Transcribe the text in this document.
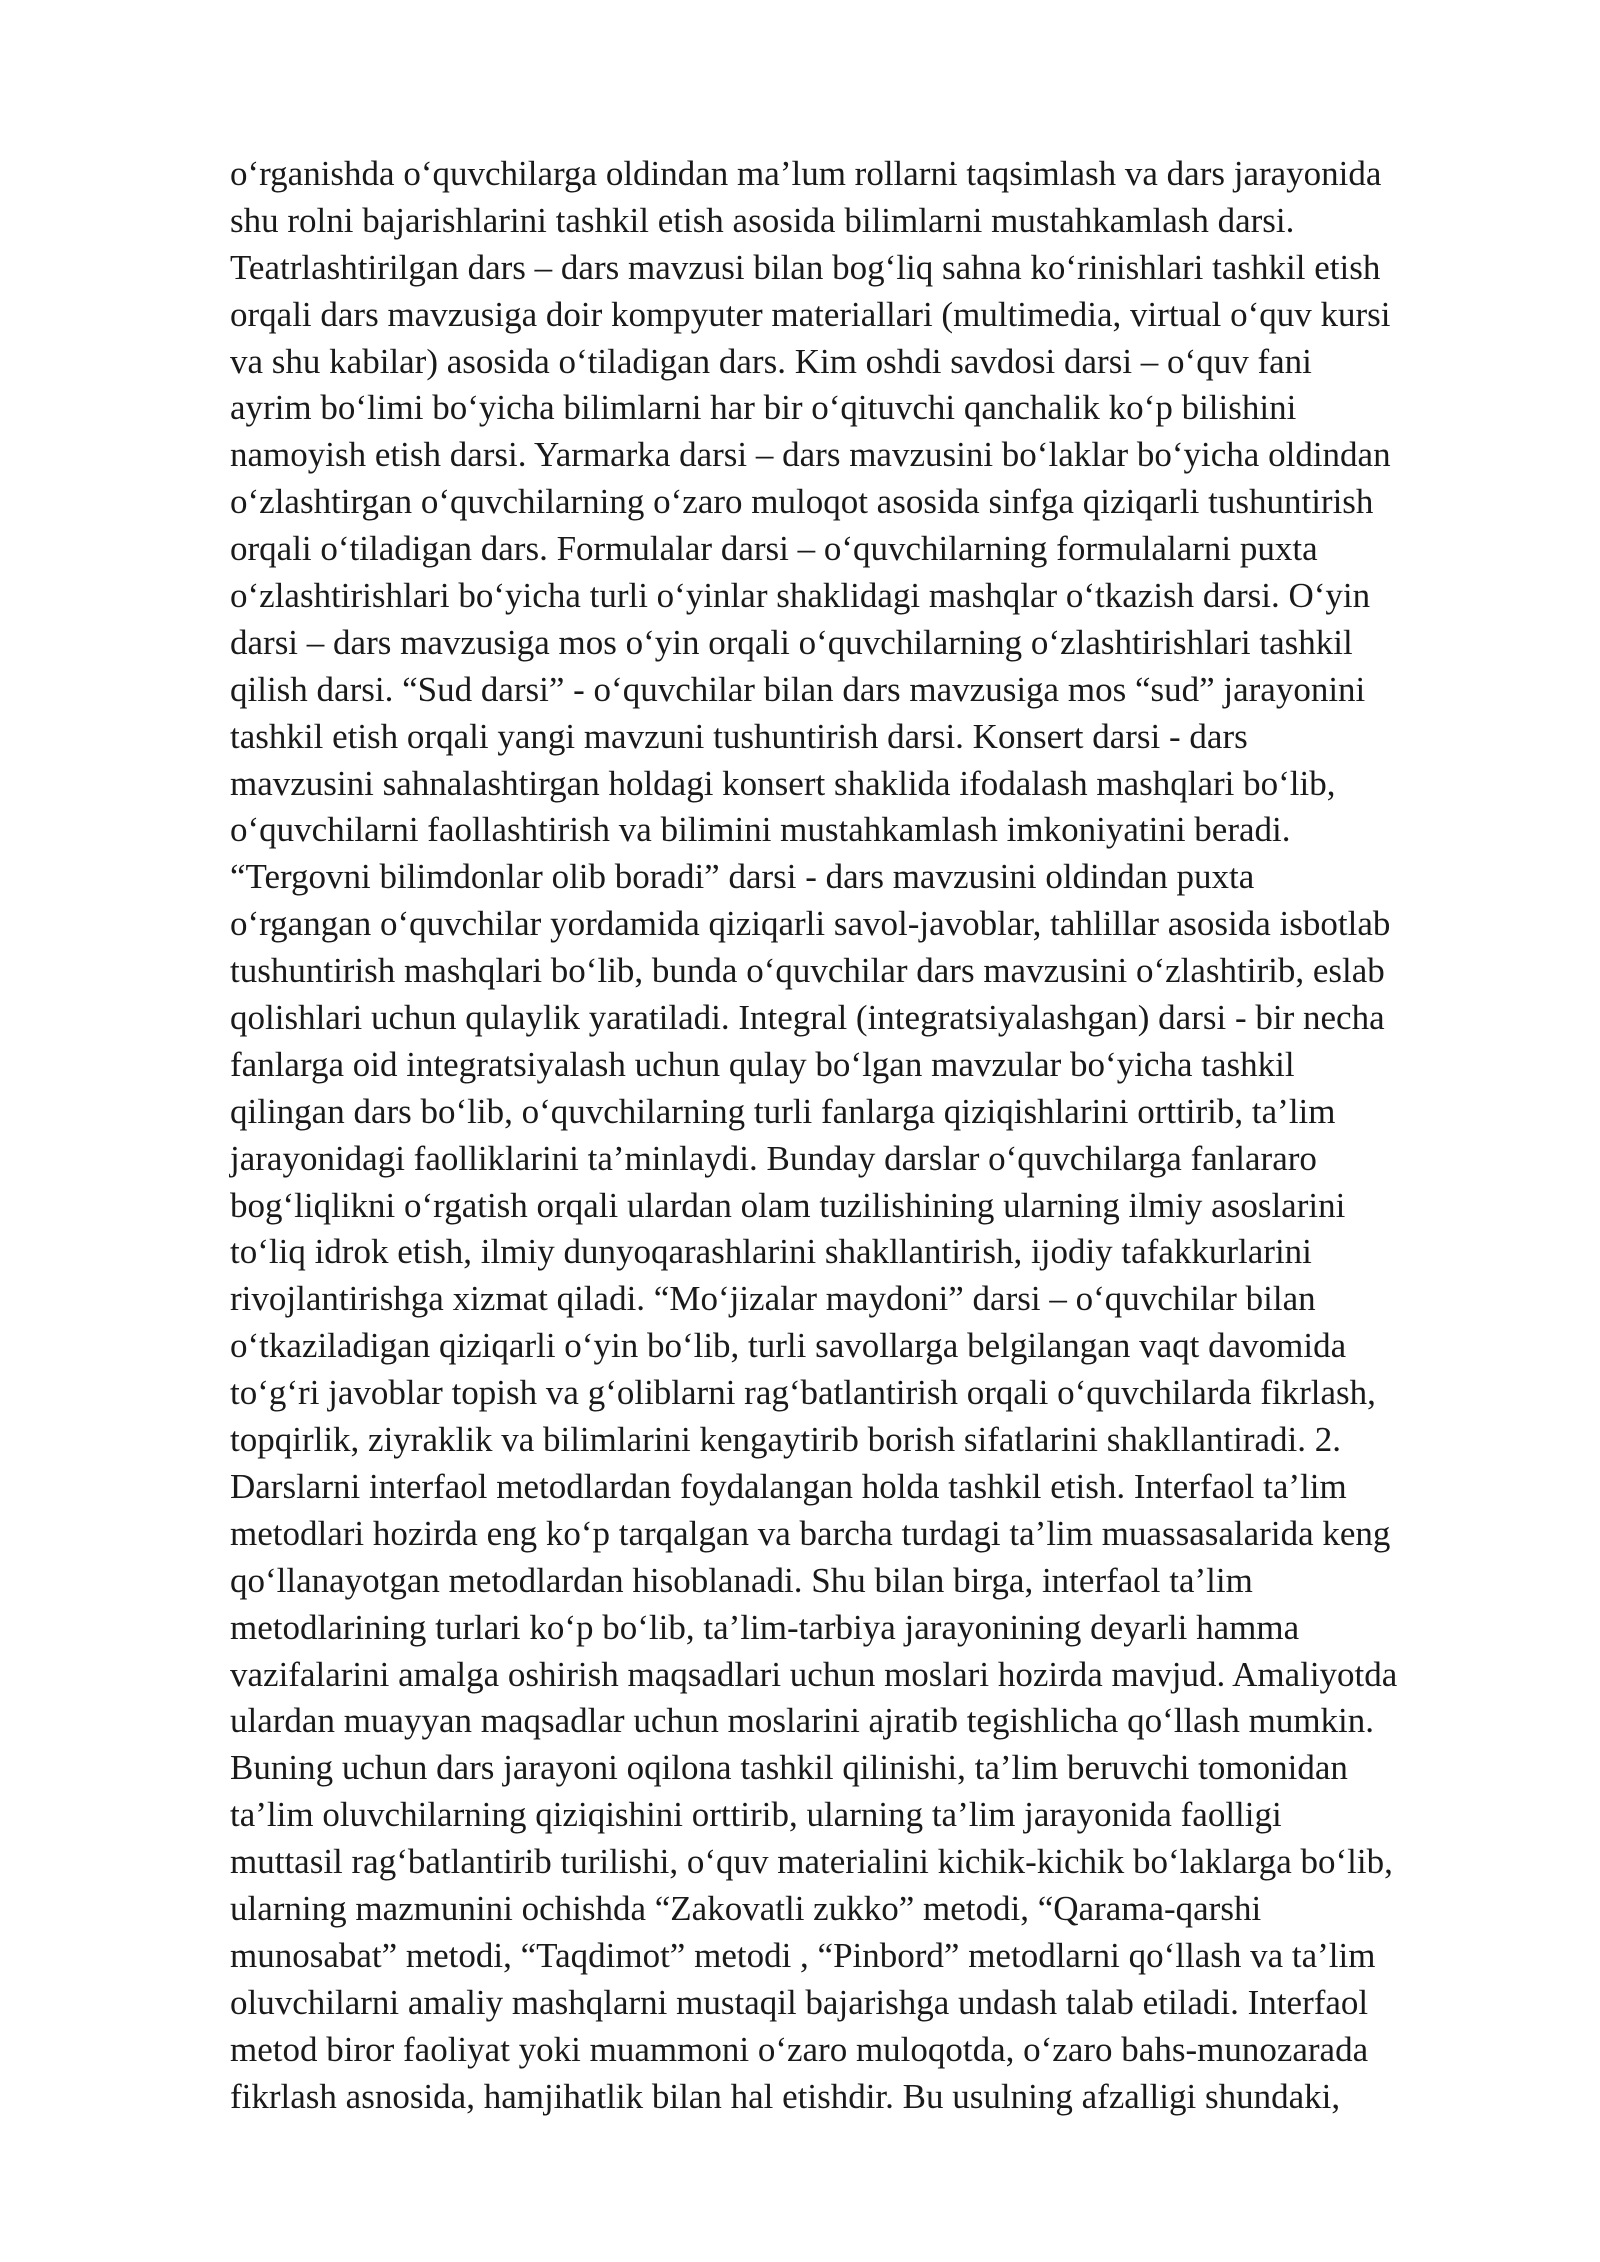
o‘rganishda o‘quvchilarga oldindan ma’lum rollarni taqsimlash va dars jarayonida
shu rolni bajarishlarini tashkil etish asosida bilimlarni mustahkamlash darsi.
Teatrlashtirilgan dars – dars mavzusi bilan bog‘liq sahna ko‘rinishlari tashkil etish
orqali dars mavzusiga doir kompyuter materiallari (multimedia, virtual o‘quv kursi
va shu kabilar) asosida o‘tiladigan dars. Kim oshdi savdosi darsi – o‘quv fani
ayrim bo‘limi bo‘yicha bilimlarni har bir o‘qituvchi qanchalik ko‘p bilishini
namoyish etish darsi. Yarmarka darsi – dars mavzusini bo‘laklar bo‘yicha oldindan
o‘zlashtirgan o‘quvchilarning o‘zaro muloqot asosida sinfga qiziqarli tushuntirish
orqali o‘tiladigan dars. Formulalar darsi – o‘quvchilarning formulalarni puxta
o‘zlashtirishlari bo‘yicha turli o‘yinlar shaklidagi mashqlar o‘tkazish darsi. O‘yin
darsi – dars mavzusiga mos o‘yin orqali o‘quvchilarning o‘zlashtirishlari tashkil
qilish darsi. “Sud darsi” - o‘quvchilar bilan dars mavzusiga mos “sud” jarayonini
tashkil etish orqali yangi mavzuni tushuntirish darsi. Konsert darsi - dars
mavzusini sahnalashtirgan holdagi konsert shaklida ifodalash mashqlari bo‘lib,
o‘quvchilarni faollashtirish va bilimini mustahkamlash imkoniyatini beradi.
“Tergovni bilimdonlar olib boradi” darsi - dars mavzusini oldindan puxta
o‘rgangan o‘quvchilar yordamida qiziqarli savol-javoblar, tahlillar asosida isbotlab
tushuntirish mashqlari bo‘lib, bunda o‘quvchilar dars mavzusini o‘zlashtirib, eslab
qolishlari uchun qulaylik yaratiladi. Integral (integratsiyalashgan) darsi - bir necha
fanlarga oid integratsiyalash uchun qulay bo‘lgan mavzular bo‘yicha tashkil
qilingan dars bo‘lib, o‘quvchilarning turli fanlarga qiziqishlarini orttirib, ta’lim
jarayonidagi faolliklarini ta’minlaydi. Bunday darslar o‘quvchilarga fanlararo
bog‘liqlikni o‘rgatish orqali ulardan olam tuzilishining ularning ilmiy asoslarini
to‘liq idrok etish, ilmiy dunyoqarashlarini shakllantirish, ijodiy tafakkurlarini
rivojlantirishga xizmat qiladi. “Mo‘jizalar maydoni” darsi – o‘quvchilar bilan
o‘tkaziladigan qiziqarli o‘yin bo‘lib, turli savollarga belgilangan vaqt davomida
to‘g‘ri javoblar topish va g‘oliblarni rag‘batlantirish orqali o‘quvchilarda fikrlash,
topqirlik, ziyraklik va bilimlarini kengaytirib borish sifatlarini shakllantiradi. 2.
Darslarni interfaol metodlardan foydalangan holda tashkil etish. Interfaol ta’lim
metodlari hozirda eng ko‘p tarqalgan va barcha turdagi ta’lim muassasalarida keng
qo‘llanayotgan metodlardan hisoblanadi. Shu bilan birga, interfaol ta’lim
metodlarining turlari ko‘p bo‘lib, ta’lim-tarbiya jarayonining deyarli hamma
vazifalarini amalga oshirish maqsadlari uchun moslari hozirda mavjud. Amaliyotda
ulardan muayyan maqsadlar uchun moslarini ajratib tegishlicha qo‘llash mumkin.
Buning uchun dars jarayoni oqilona tashkil qilinishi, ta’lim beruvchi tomonidan
ta’lim oluvchilarning qiziqishini orttirib, ularning ta’lim jarayonida faolligi
muttasil rag‘batlantirib turilishi, o‘quv materialini kichik-kichik bo‘laklarga bo‘lib,
ularning mazmunini ochishda “Zakovatli zukko” metodi, “Qarama-qarshi
munosabat” metodi, “Taqdimot” metodi , “Pinbord” metodlarni qo‘llash va ta’lim
oluvchilarni amaliy mashqlarni mustaqil bajarishga undash talab etiladi. Interfaol
metod biror faoliyat yoki muammoni o‘zaro muloqotda, o‘zaro bahs-munozarada
fikrlash asnosida, hamjihatlik bilan hal etishdir. Bu usulning afzalligi shundaki,
